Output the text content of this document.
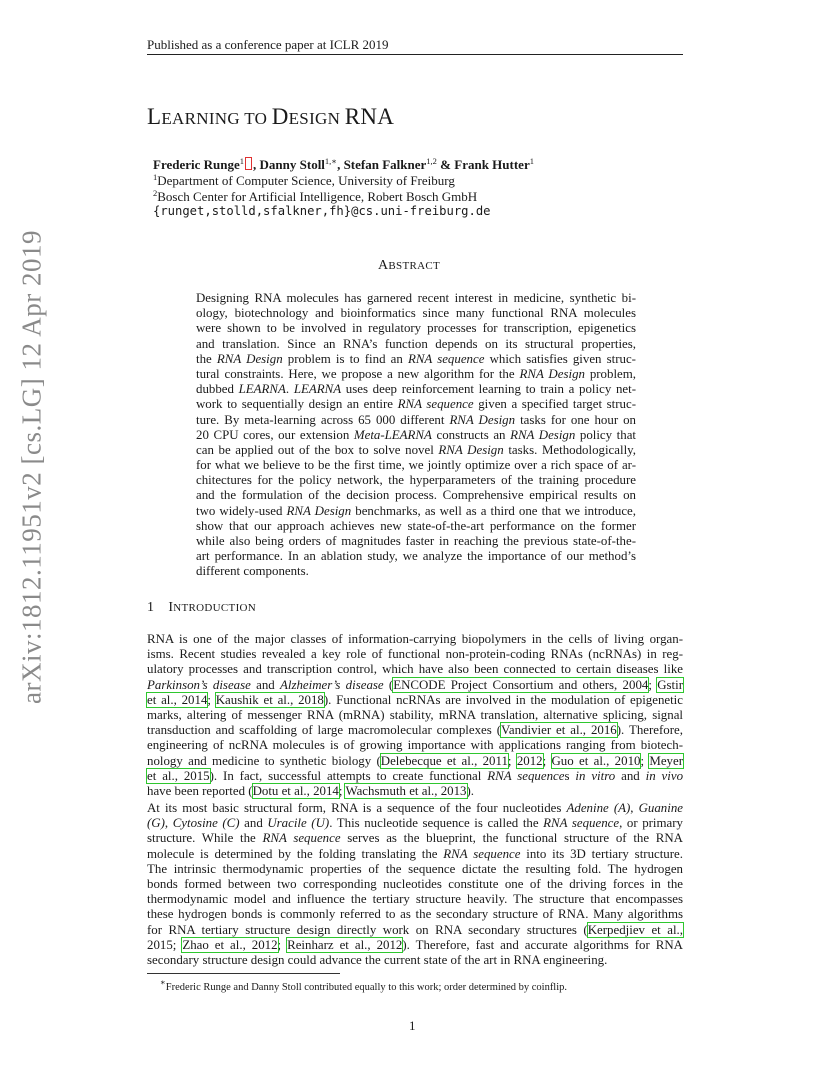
Published as a conference paper at ICLR 2019
arXiv:1812.11951v2 [cs.LG] 12 Apr 2019
LEARNING TO DESIGN RNA
Frederic Runge$^1$ , Danny Stoll$^{1,∗}$, Stefan Falkner$^{1,2}$ & Frank Hutter$^1$
$^1$Department of Computer Science, University of Freiburg
$^2$Bosch Center for Artificial Intelligence, Robert Bosch GmbH
{runget,stolld,sfalkner,fh}@cs.uni-freiburg.de
ABSTRACT
Designing RNA molecules has garnered recent interest in medicine, synthetic bi-
ology, biotechnology and bioinformatics since many functional RNA molecules
were shown to be involved in regulatory processes for transcription, epigenetics
and translation. Since an RNA’s function depends on its structural properties,
the RNA Design problem is to find an RNA sequence which satisfies given struc-
tural constraints. Here, we propose a new algorithm for the RNA Design problem,
dubbed LEARNA. LEARNA uses deep reinforcement learning to train a policy net-
work to sequentially design an entire RNA sequence given a specified target struc-
ture. By meta-learning across 65 000 different RNA Design tasks for one hour on
20 CPU cores, our extension Meta-LEARNA constructs an RNA Design policy that
can be applied out of the box to solve novel RNA Design tasks. Methodologically,
for what we believe to be the first time, we jointly optimize over a rich space of ar-
chitectures for the policy network, the hyperparameters of the training procedure
and the formulation of the decision process. Comprehensive empirical results on
two widely-used RNA Design benchmarks, as well as a third one that we introduce,
show that our approach achieves new state-of-the-art performance on the former
while also being orders of magnitudes faster in reaching the previous state-of-the-
art performance. In an ablation study, we analyze the importance of our method’s
different components.
1 INTRODUCTION
RNA is one of the major classes of information-carrying biopolymers in the cells of living organ-
isms. Recent studies revealed a key role of functional non-protein-coding RNAs (ncRNAs) in reg-
ulatory processes and transcription control, which have also been connected to certain diseases like
Parkinson’s disease and Alzheimer’s disease (ENCODE Project Consortium and others, 2004; Gstir
et al., 2014; Kaushik et al., 2018). Functional ncRNAs are involved in the modulation of epigenetic
marks, altering of messenger RNA (mRNA) stability, mRNA translation, alternative splicing, signal
transduction and scaffolding of large macromolecular complexes (Vandivier et al., 2016). Therefore,
engineering of ncRNA molecules is of growing importance with applications ranging from biotech-
nology and medicine to synthetic biology (Delebecque et al., 2011; 2012; Guo et al., 2010; Meyer
et al., 2015). In fact, successful attempts to create functional RNA sequences in vitro and in vivo
have been reported (Dotu et al., 2014; Wachsmuth et al., 2013).
At its most basic structural form, RNA is a sequence of the four nucleotides Adenine (A), Guanine
(G), Cytosine (C) and Uracile (U). This nucleotide sequence is called the RNA sequence, or primary
structure. While the RNA sequence serves as the blueprint, the functional structure of the RNA
molecule is determined by the folding translating the RNA sequence into its 3D tertiary structure.
The intrinsic thermodynamic properties of the sequence dictate the resulting fold. The hydrogen
bonds formed between two corresponding nucleotides constitute one of the driving forces in the
thermodynamic model and influence the tertiary structure heavily. The structure that encompasses
these hydrogen bonds is commonly referred to as the secondary structure of RNA. Many algorithms
for RNA tertiary structure design directly work on RNA secondary structures (Kerpedjiev et al.,
2015; Zhao et al., 2012; Reinharz et al., 2012). Therefore, fast and accurate algorithms for RNA
secondary structure design could advance the current state of the art in RNA engineering.
∗Frederic Runge and Danny Stoll contributed equally to this work; order determined by coinflip.
1
